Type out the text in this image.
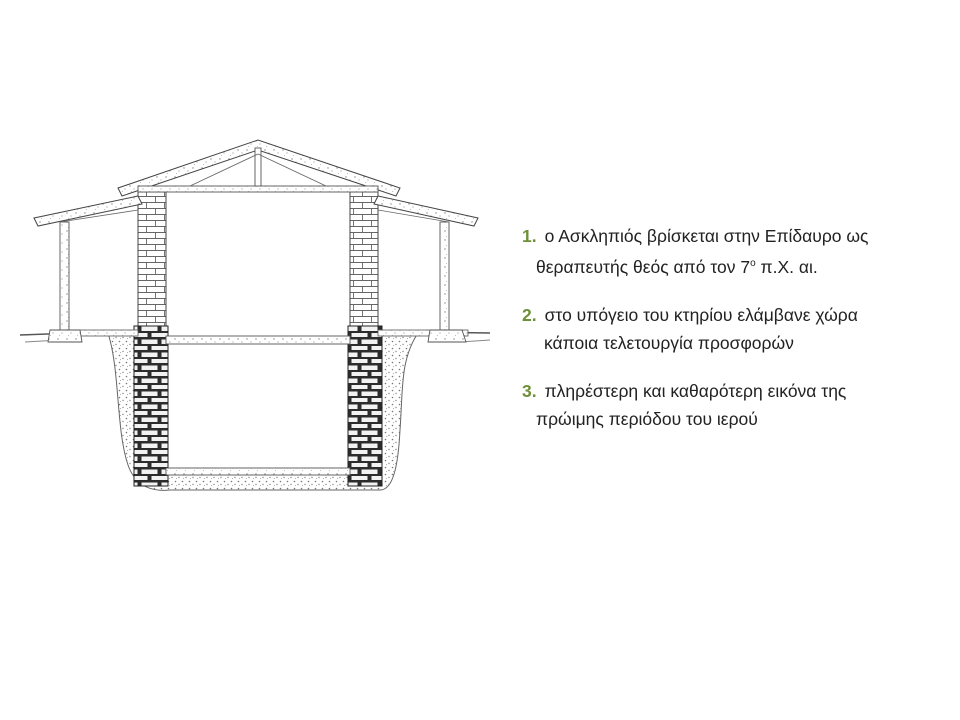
1. ο Ασκληπιός βρίσκεται στην Επίδαυρο ως
θεραπευτής θεός από τον $7^o$ π.Χ. αι.
2. στο υπόγειο του κτηρίου ελάμβανε χώρα
κάποια τελετουργία προσφορών
3. πληρέστερη και καθαρότερη εικόνα της
πρώιμης περιόδου του ιερού
